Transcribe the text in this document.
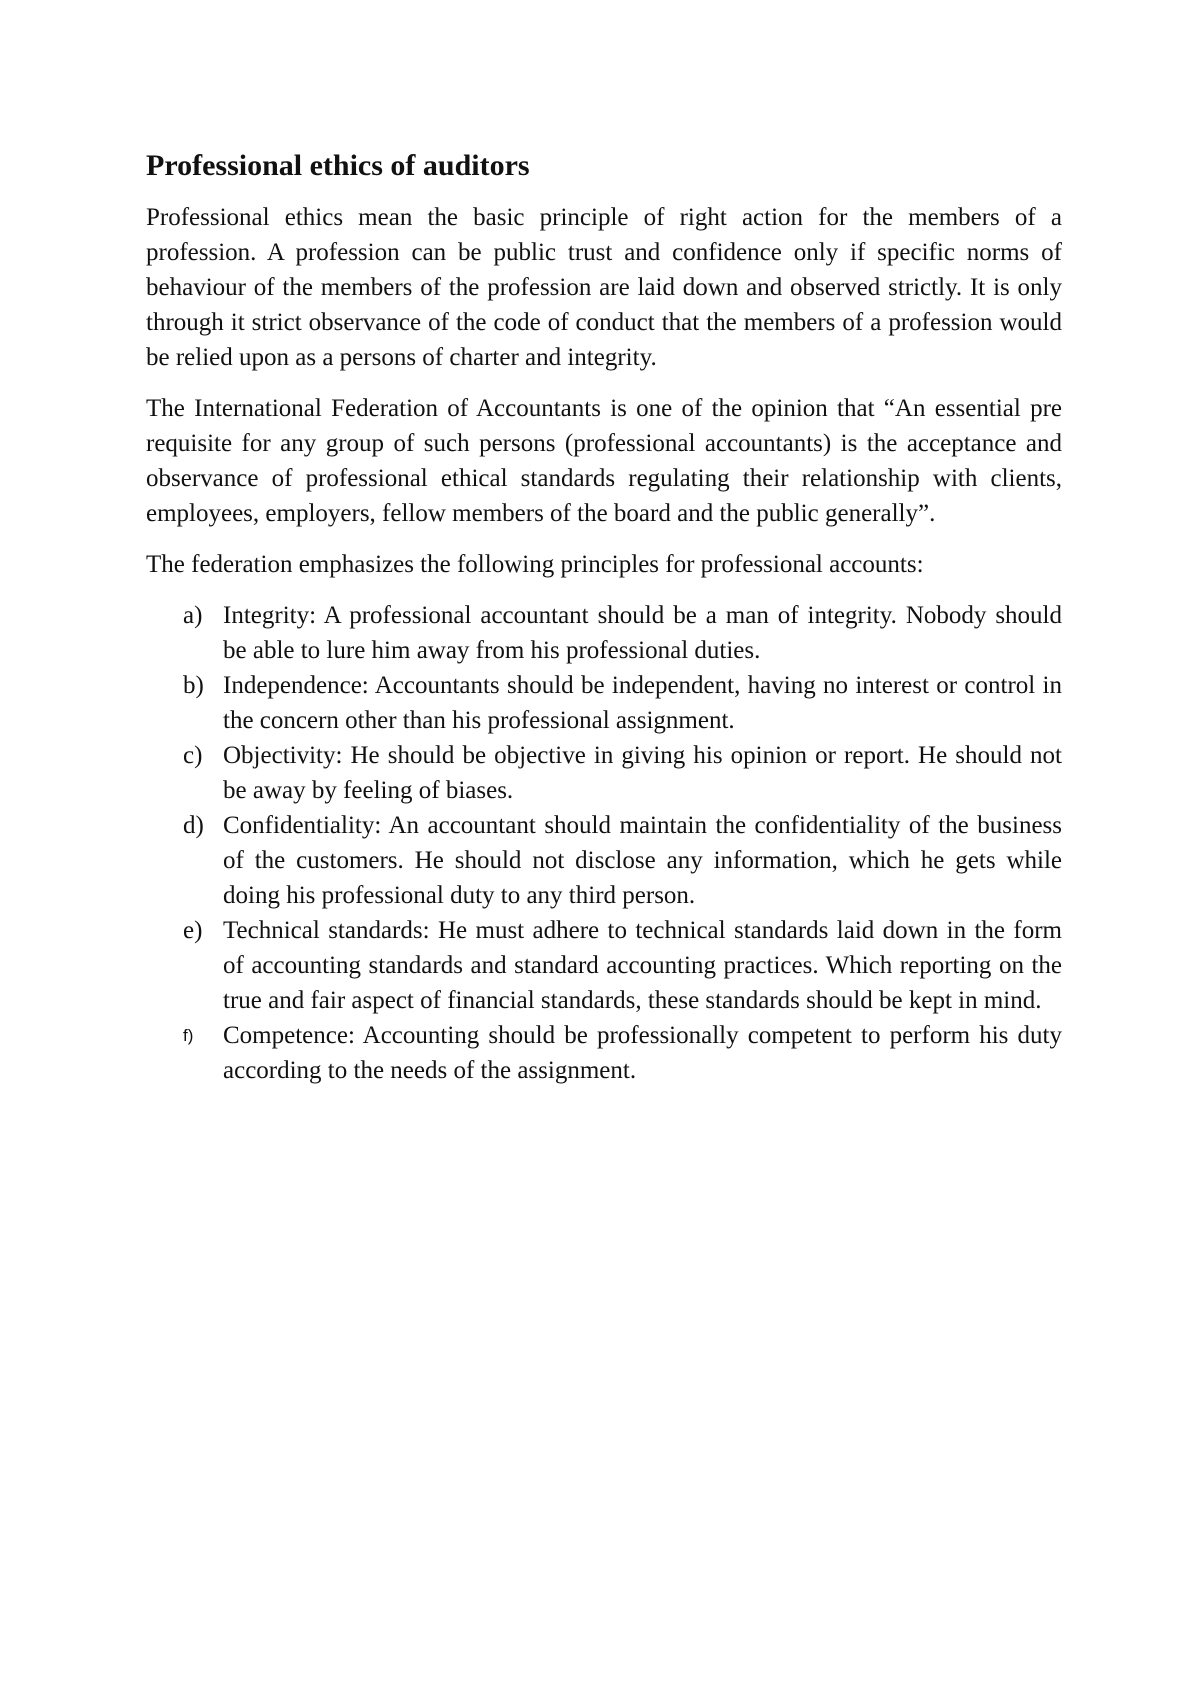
Professional ethics of auditors

Professional ethics mean the basic principle of right action for the members of a profession. A profession can be public trust and confidence only if specific norms of behaviour of the members of the profession are laid down and observed strictly. It is only through it strict observance of the code of conduct that the members of a profession would be relied upon as a persons of charter and integrity.

The International Federation of Accountants is one of the opinion that “An essential pre requisite for any group of such persons (professional accountants) is the acceptance and observance of professional ethical standards regulating their relationship with clients, employees, employers, fellow members of the board and the public generally”.

The federation emphasizes the following principles for professional accounts:

a) Integrity: A professional accountant should be a man of integrity. Nobody should be able to lure him away from his professional duties.
b) Independence: Accountants should be independent, having no interest or control in the concern other than his professional assignment.
c) Objectivity: He should be objective in giving his opinion or report. He should not be away by feeling of biases.
d) Confidentiality: An accountant should maintain the confidentiality of the business of the customers. He should not disclose any information, which he gets while doing his professional duty to any third person.
e) Technical standards: He must adhere to technical standards laid down in the form of accounting standards and standard accounting practices. Which reporting on the true and fair aspect of financial standards, these standards should be kept in mind.
f)	Competence: Accounting should be professionally competent to perform his duty according to the needs of the assignment.
